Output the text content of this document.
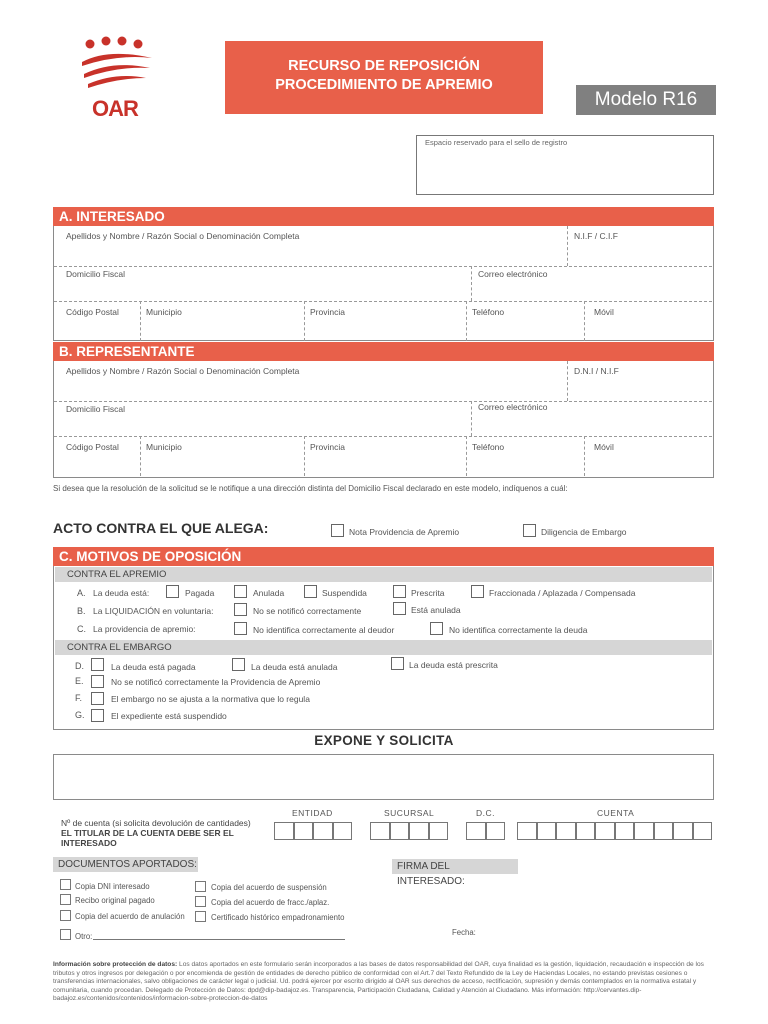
OAR
RECURSO DE REPOSICIÓN
PROCEDIMIENTO DE APREMIO
Modelo R16
Espacio reservado para el sello de registro
A. INTERESADO
Apellidos y Nombre / Razón Social o Denominación Completa	N.I.F / C.I.F
Domicilio Fiscal	Correo electrónico
Código Postal	Municipio	Provincia	Teléfono	Móvil
B. REPRESENTANTE
Apellidos y Nombre / Razón Social o Denominación Completa	D.N.I / N.I.F
Domicilio Fiscal	Correo electrónico
Código Postal	Municipio	Provincia	Teléfono	Móvil
Si desea que la resolución de la solicitud se le notifique a una dirección distinta del Domicilio Fiscal declarado en este modelo, indíquenos a cuál:
ACTO CONTRA EL QUE ALEGA:	Nota Providencia de Apremio	Diligencia de Embargo
C. MOTIVOS DE OPOSICIÓN
CONTRA EL APREMIO
A. La deuda está:	Pagada	Anulada	Suspendida	Prescrita	Fraccionada / Aplazada / Compensada
B. La LIQUIDACIÓN en voluntaria:	No se notificó correctamente	Está anulada
C. La providencia de apremio:	No identifica correctamente al deudor	No identifica correctamente la deuda
CONTRA EL EMBARGO
D.	La deuda está pagada	La deuda está anulada	La deuda está prescrita
E.	No se notificó correctamente la Providencia de Apremio
F.	El embargo no se ajusta a la normativa que lo regula
G.	El expediente está suspendido
EXPONE Y SOLICITA
Nº de cuenta (si solicita devolución de cantidades)
EL TITULAR DE LA CUENTA DEBE SER EL INTERESADO
ENTIDAD	SUCURSAL	D.C.	CUENTA
DOCUMENTOS APORTADOS:
Copia DNI interesado
Recibo original pagado
Copia del acuerdo de anulación
Copia del acuerdo de suspensión
Copia del acuerdo de fracc./aplaz.
Certificado histórico empadronamiento
Otro:
FIRMA DEL INTERESADO:
Fecha:
Información sobre protección de datos: Los datos aportados en este formulario serán incorporados a las bases de datos responsabilidad del OAR, cuya finalidad es la gestión, liquidación, recaudación e inspección de los tributos y otros ingresos por delegación o por encomienda de gestión de entidades de derecho público de conformidad con el Art.7 del Texto Refundido de la Ley de Haciendas Locales, no estando previstas cesiones o transferencias internacionales, salvo obligaciones de carácter legal o judicial. Ud. podrá ejercer por escrito dirigido al OAR sus derechos de acceso, rectificación, supresión y demás contemplados en la normativa estatal y comunitaria, cuando procedan. Delegado de Protección de Datos: dpd@dip-badajoz.es. Transparencia, Participación Ciudadana, Calidad y Atención al Ciudadano. Más información: http://cervantes.dip-badajoz.es/contenidos/contenidos/informacion-sobre-proteccion-de-datos
